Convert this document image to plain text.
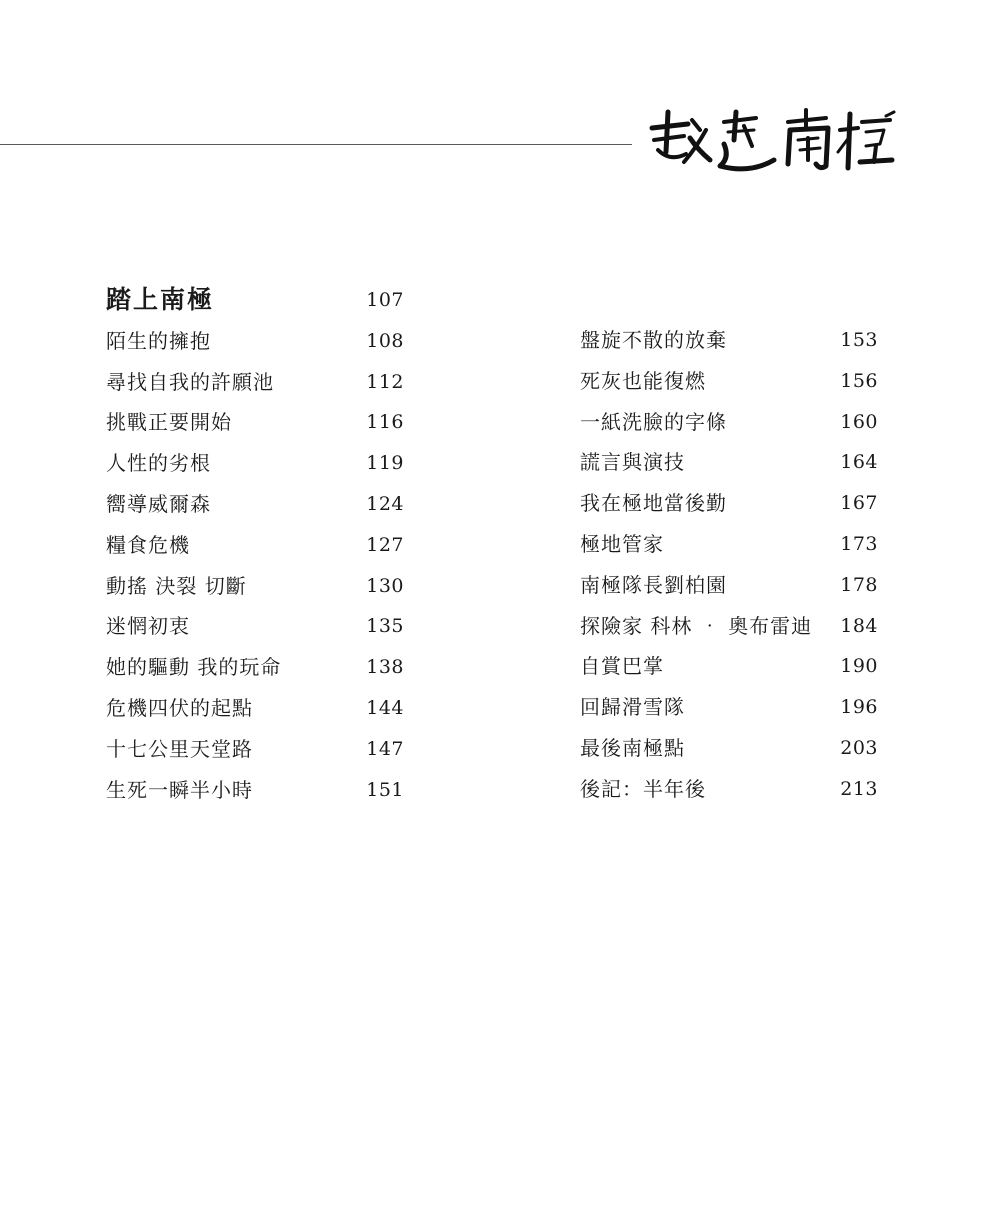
踏上南極	107
陌生的擁抱	108
尋找自我的許願池	112
挑戰正要開始	116
人性的劣根	119
嚮導威爾森	124
糧食危機	127
動搖 決裂 切斷	130
迷惘初衷	135
她的驅動 我的玩命	138
危機四伏的起點	144
十七公里天堂路	147
生死一瞬半小時	151
盤旋不散的放棄	153
死灰也能復燃	156
一紙洗臉的字條	160
謊言與演技	164
我在極地當後勤	167
極地管家	173
南極隊長劉柏園	178
探險家 科林 ‧ 奧布雷迪 184
自賞巴掌	190
回歸滑雪隊	196
最後南極點	203
後記：半年後	213
